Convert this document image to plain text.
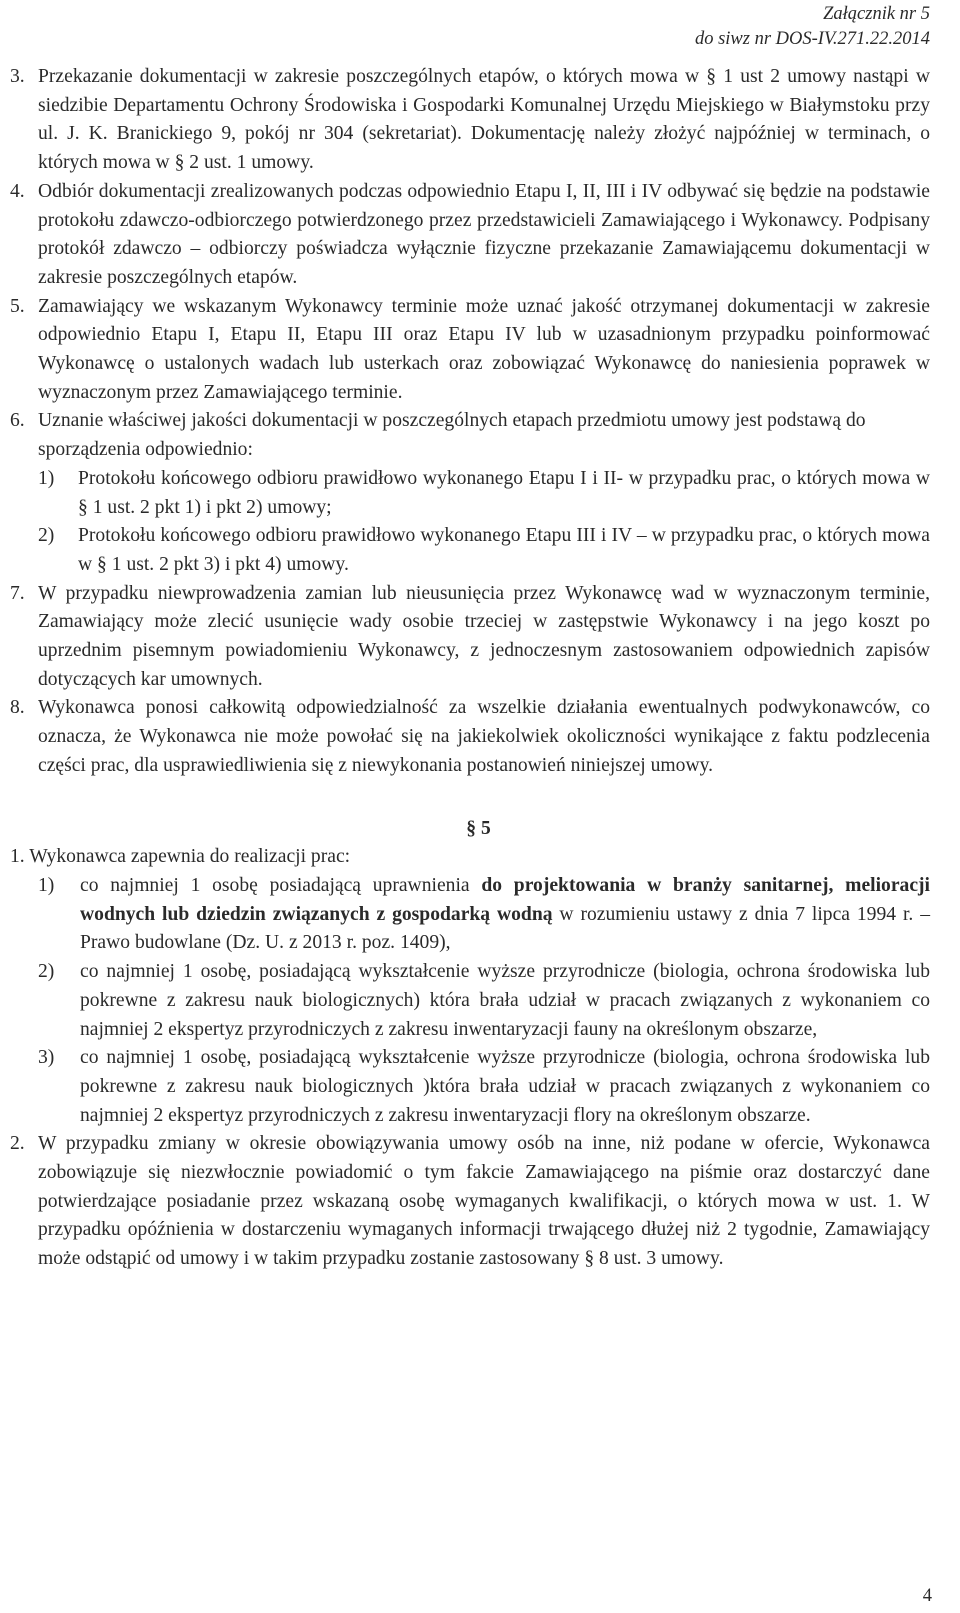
Załącznik nr 5
do siwz nr DOS-IV.271.22.2014
3. Przekazanie dokumentacji w zakresie poszczególnych etapów, o których mowa w § 1 ust 2 umowy nastąpi w siedzibie Departamentu Ochrony Środowiska i Gospodarki Komunalnej Urzędu Miejskiego w Białymstoku przy ul. J. K. Branickiego 9, pokój nr 304 (sekretariat). Dokumentację należy złożyć najpóźniej w terminach, o których mowa w § 2 ust. 1 umowy.
4. Odbiór dokumentacji zrealizowanych podczas odpowiednio Etapu I, II, III i IV odbywać się będzie na podstawie protokołu zdawczo-odbiorczego potwierdzonego przez przedstawicieli Zamawiającego i Wykonawcy. Podpisany protokół zdawczo – odbiorczy poświadcza wyłącznie fizyczne przekazanie Zamawiającemu dokumentacji w zakresie poszczególnych etapów.
5. Zamawiający we wskazanym Wykonawcy terminie może uznać jakość otrzymanej dokumentacji w zakresie odpowiednio Etapu I, Etapu II, Etapu III oraz Etapu IV lub w uzasadnionym przypadku poinformować Wykonawcę o ustalonych wadach lub usterkach oraz zobowiązać Wykonawcę do naniesienia poprawek w wyznaczonym przez Zamawiającego terminie.
6. Uznanie właściwej jakości dokumentacji w poszczególnych etapach przedmiotu umowy jest podstawą do sporządzenia odpowiednio:
1)	Protokołu końcowego odbioru prawidłowo wykonanego Etapu I i II- w przypadku prac, o których mowa w § 1 ust. 2 pkt 1) i pkt 2) umowy;
2)	Protokołu końcowego odbioru prawidłowo wykonanego Etapu III i IV – w przypadku prac, o których mowa w § 1 ust. 2 pkt 3) i pkt 4) umowy.
7. W przypadku niewprowadzenia zamian lub nieusunięcia przez Wykonawcę wad w wyznaczonym terminie, Zamawiający może zlecić usunięcie wady osobie trzeciej w zastępstwie Wykonawcy i na jego koszt po uprzednim pisemnym powiadomieniu Wykonawcy, z jednoczesnym zastosowaniem odpowiednich zapisów dotyczących kar umownych.
8. Wykonawca ponosi całkowitą odpowiedzialność za wszelkie działania ewentualnych podwykonawców, co oznacza, że Wykonawca nie może powołać się na jakiekolwiek okoliczności wynikające z faktu podzlecenia części prac, dla usprawiedliwienia się z niewykonania postanowień niniejszej umowy.
§ 5
1. Wykonawca zapewnia do realizacji prac:
1)	co najmniej 1 osobę posiadającą uprawnienia do projektowania w branży sanitarnej, melioracji wodnych lub dziedzin związanych z gospodarką wodną w rozumieniu ustawy z dnia 7 lipca 1994 r. – Prawo budowlane (Dz. U. z 2013 r. poz. 1409),
2)	co najmniej 1 osobę, posiadającą wykształcenie wyższe przyrodnicze (biologia, ochrona środowiska lub pokrewne z zakresu nauk biologicznych) która brała udział w pracach związanych z wykonaniem co najmniej 2 ekspertyz przyrodniczych z zakresu inwentaryzacji fauny na określonym obszarze,
3)	co najmniej 1 osobę, posiadającą wykształcenie wyższe przyrodnicze (biologia, ochrona środowiska lub pokrewne z zakresu nauk biologicznych )która brała udział w pracach związanych z wykonaniem co najmniej 2 ekspertyz przyrodniczych z zakresu inwentaryzacji flory na określonym obszarze.
2. W przypadku zmiany w okresie obowiązywania umowy osób na inne, niż podane w ofercie, Wykonawca zobowiązuje się niezwłocznie powiadomić o tym fakcie Zamawiającego na piśmie oraz dostarczyć dane potwierdzające posiadanie przez wskazaną osobę wymaganych kwalifikacji, o których mowa w ust. 1. W przypadku opóźnienia w dostarczeniu wymaganych informacji trwającego dłużej niż 2 tygodnie, Zamawiający może odstąpić od umowy i w takim przypadku zostanie zastosowany § 8 ust. 3 umowy.
4
